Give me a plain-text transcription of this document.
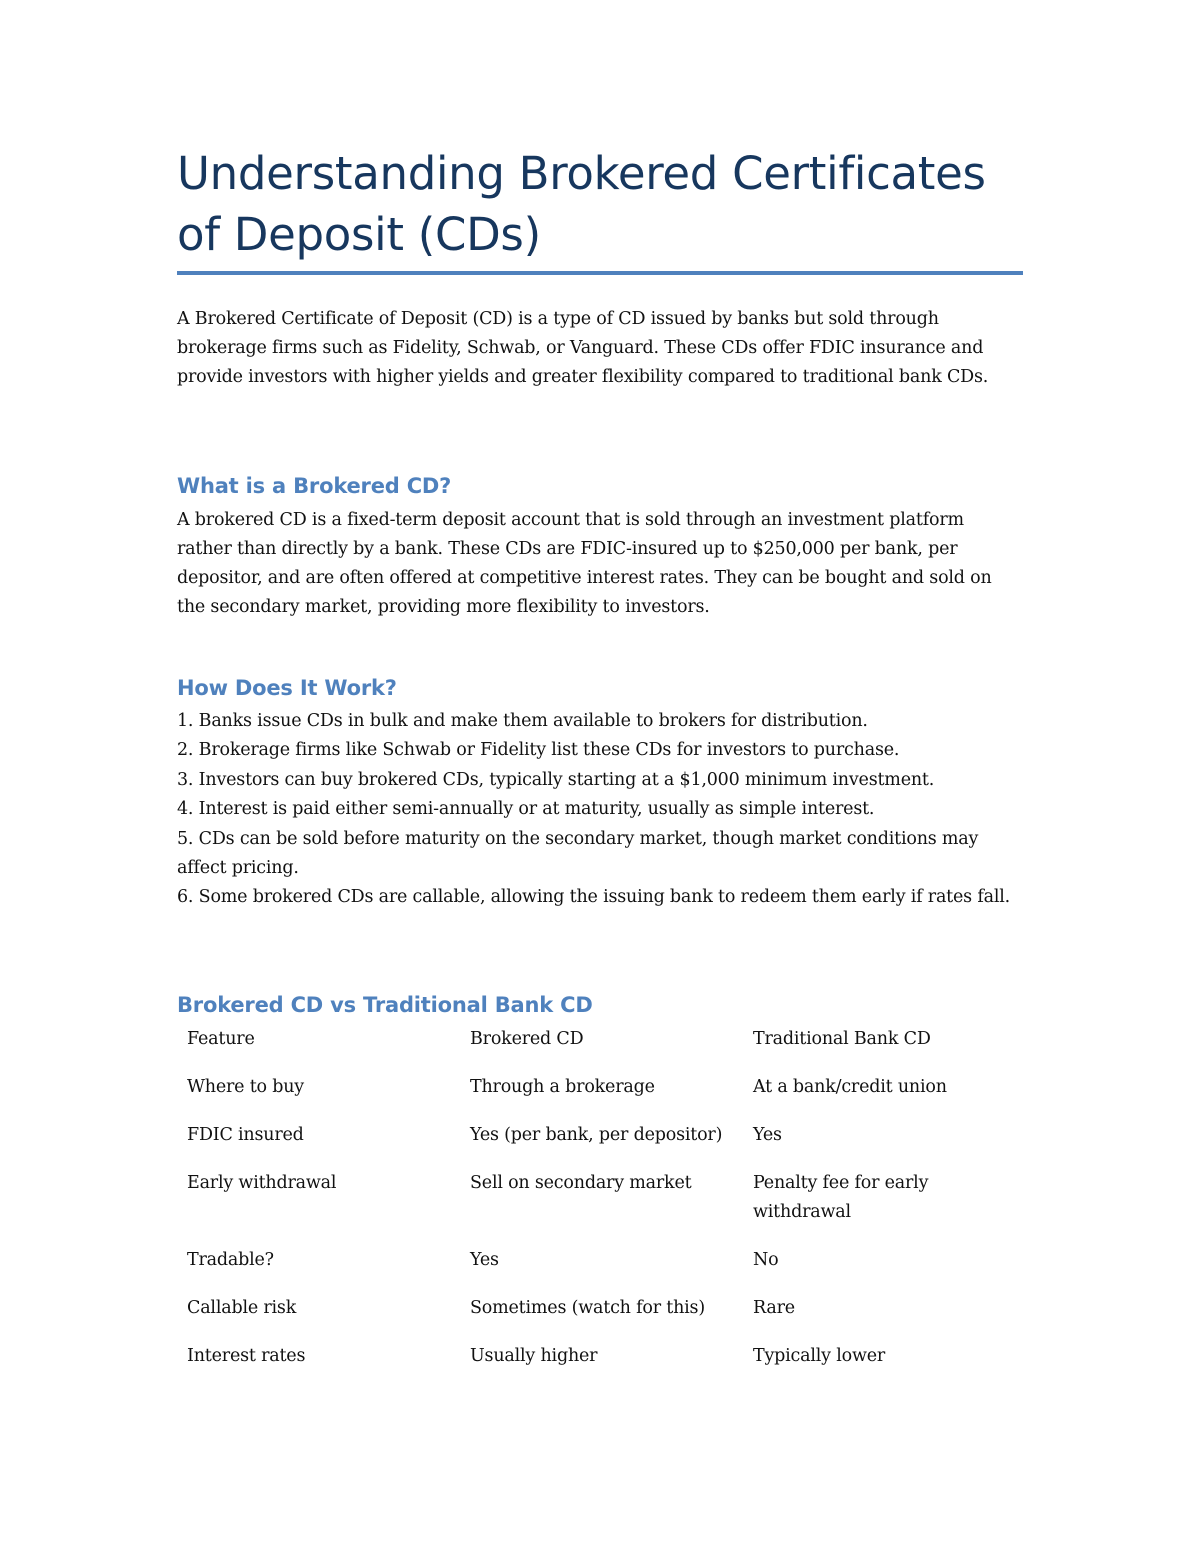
Understanding Brokered Certificates of Deposit (CDs)

A Brokered Certificate of Deposit (CD) is a type of CD issued by banks but sold through brokerage firms such as Fidelity, Schwab, or Vanguard. These CDs offer FDIC insurance and provide investors with higher yields and greater flexibility compared to traditional bank CDs.

What is a Brokered CD?

A brokered CD is a fixed-term deposit account that is sold through an investment platform rather than directly by a bank. These CDs are FDIC-insured up to $250,000 per bank, per depositor, and are often offered at competitive interest rates. They can be bought and sold on the secondary market, providing more flexibility to investors.

How Does It Work?
1. Banks issue CDs in bulk and make them available to brokers for distribution.
2. Brokerage firms like Schwab or Fidelity list these CDs for investors to purchase.
3. Investors can buy brokered CDs, typically starting at a $1,000 minimum investment.
4. Interest is paid either semi-annually or at maturity, usually as simple interest.
5. CDs can be sold before maturity on the secondary market, though market conditions may affect pricing.
6. Some brokered CDs are callable, allowing the issuing bank to redeem them early if rates fall.
Brokered CD vs Traditional Bank CD
Feature	Brokered CD	Traditional Bank CD
Where to buy	Through a brokerage	At a bank/credit union
FDIC insured	Yes (per bank, per depositor)	Yes
Early withdrawal	Sell on secondary market	Penalty fee for early withdrawal
Tradable?	Yes	No
Callable risk	Sometimes (watch for this)	Rare
Interest rates	Usually higher	Typically lower
